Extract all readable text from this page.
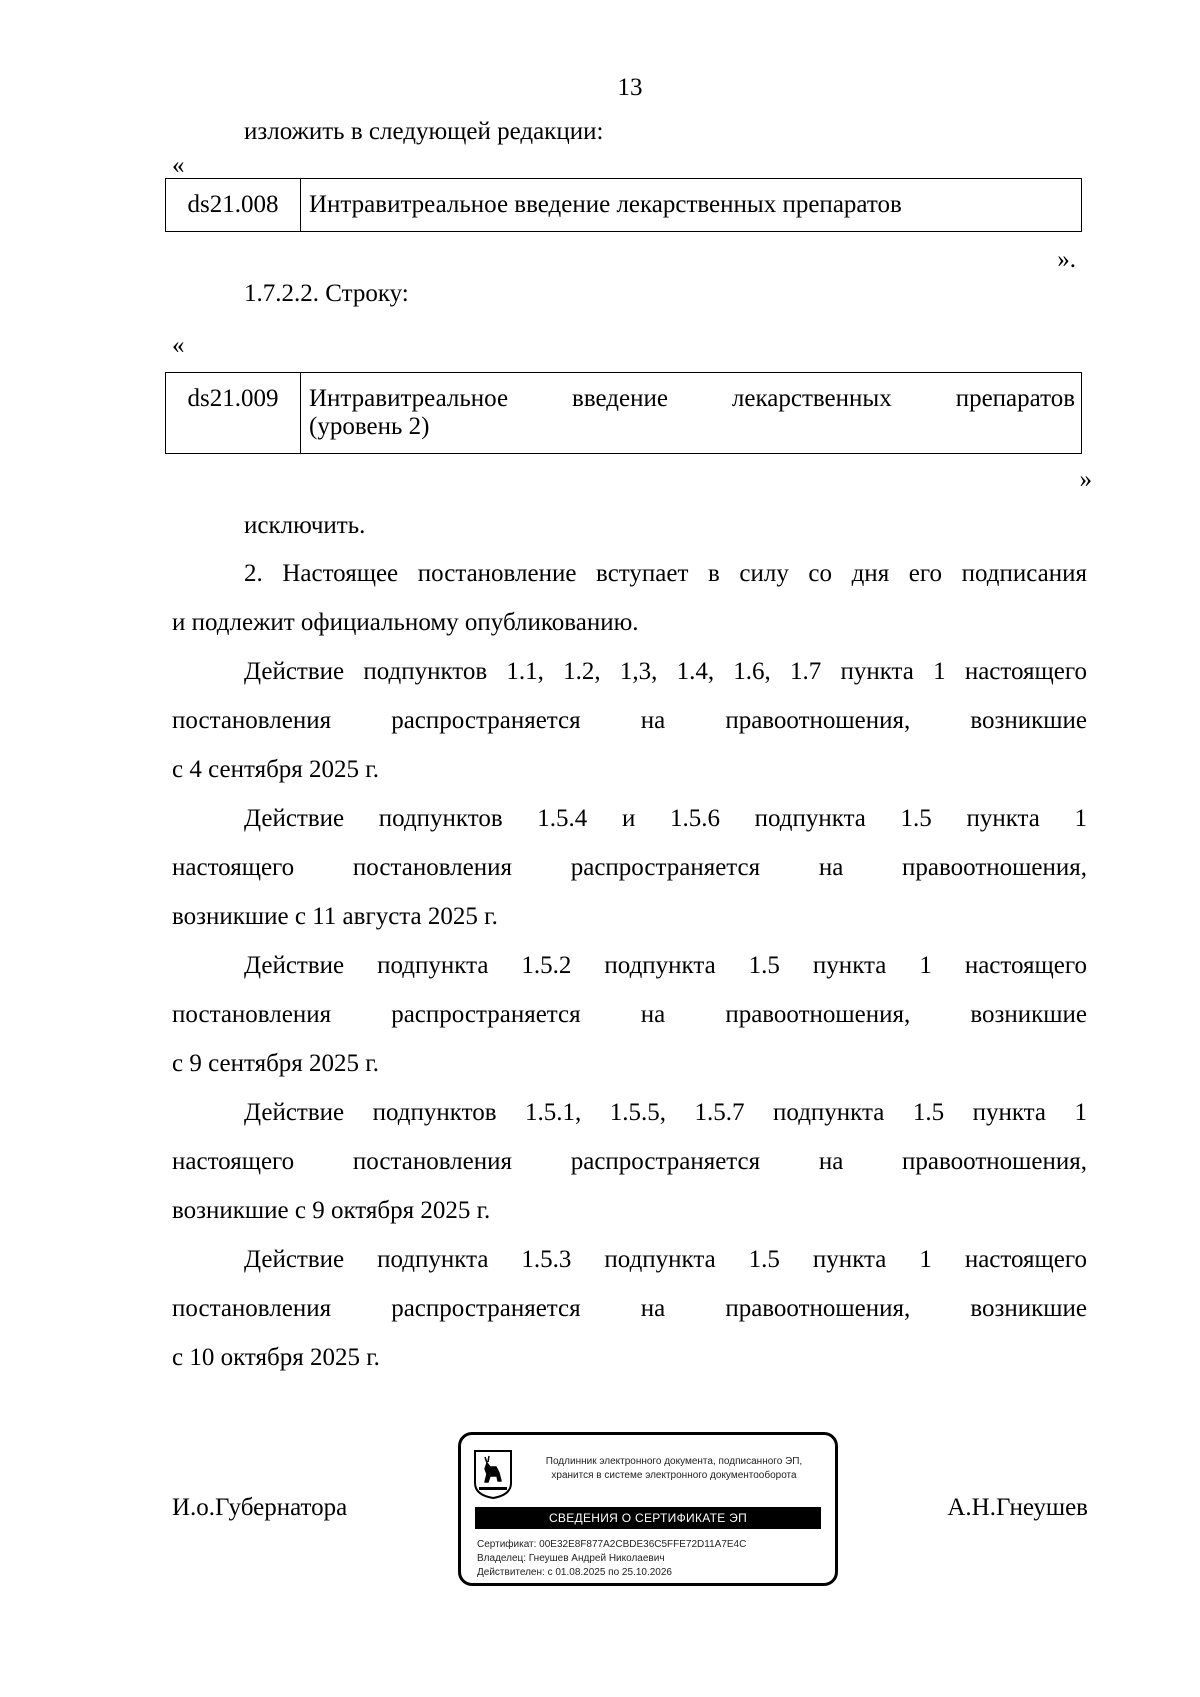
13
изложить в следующей редакции:
«
ds21.008	Интравитреальное введение лекарственных препаратов
».
1.7.2.2. Строку:
«
ds21.009	Интравитреальное введение лекарственных препаратов
(уровень 2)
»
исключить.
2. Настоящее постановление вступает в силу со дня его подписания
и подлежит официальному опубликованию.
Действие подпунктов 1.1, 1.2, 1,3, 1.4, 1.6, 1.7 пункта 1 настоящего
постановления распространяется на правоотношения, возникшие
с 4 сентября 2025 г.
Действие подпунктов 1.5.4 и 1.5.6 подпункта 1.5 пункта 1
настоящего постановления распространяется на правоотношения,
возникшие с 11 августа 2025 г.
Действие подпункта 1.5.2 подпункта 1.5 пункта 1 настоящего
постановления распространяется на правоотношения, возникшие
с 9 сентября 2025 г.
Действие подпунктов 1.5.1, 1.5.5, 1.5.7 подпункта 1.5 пункта 1
настоящего постановления распространяется на правоотношения,
возникшие с 9 октября 2025 г.
Действие подпункта 1.5.3 подпункта 1.5 пункта 1 настоящего
постановления распространяется на правоотношения, возникшие
с 10 октября 2025 г.
И.о.Губернатора	А.Н.Гнеушев
Подлинник электронного документа, подписанного ЭП,
хранится в системе электронного документооборота
СВЕДЕНИЯ О СЕРТИФИКАТЕ ЭП
Сертификат: 00E32E8F877A2CBDE36C5FFE72D11A7E4C
Владелец: Гнеушев Андрей Николаевич
Действителен: с 01.08.2025 по 25.10.2026
